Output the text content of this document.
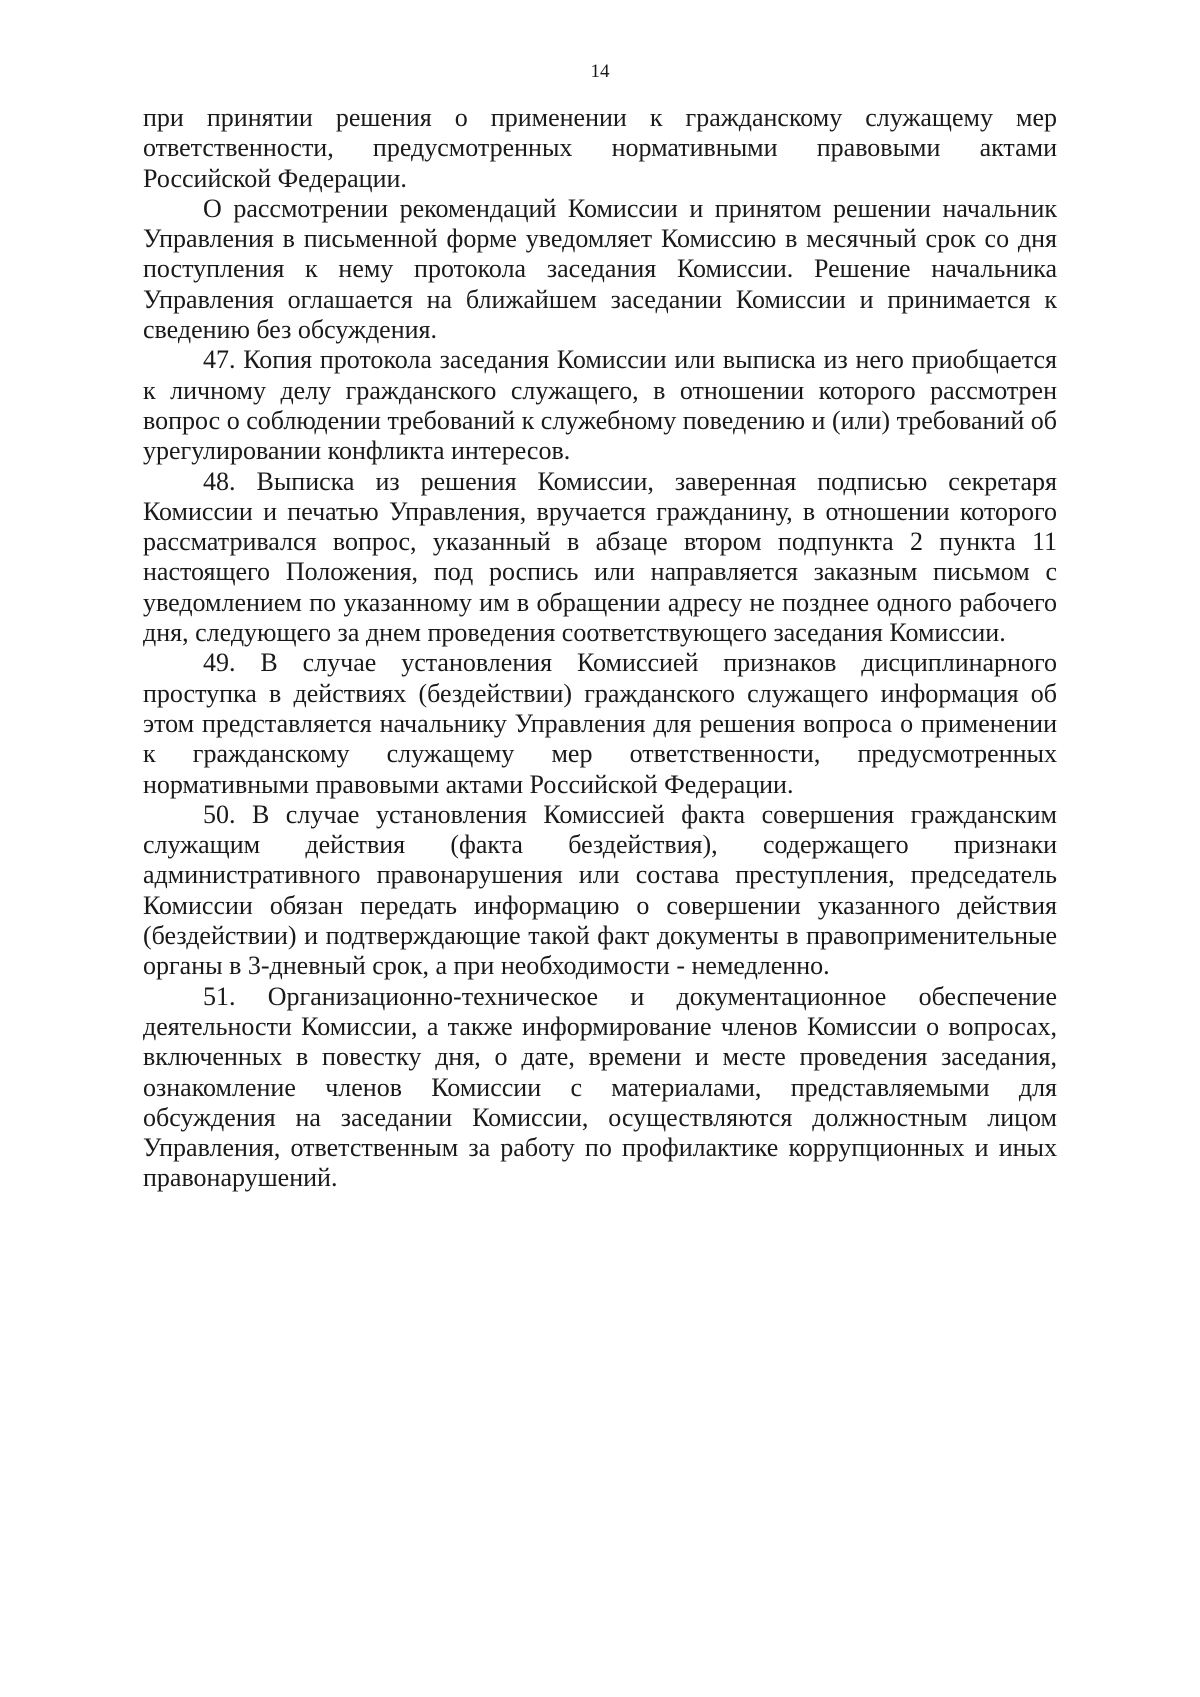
14

при принятии решения о применении к гражданскому служащему мер ответственности, предусмотренных нормативными правовыми актами Российской Федерации.

О рассмотрении рекомендаций Комиссии и принятом решении начальник Управления в письменной форме уведомляет Комиссию в месячный срок со дня поступления к нему протокола заседания Комиссии. Решение начальника Управления оглашается на ближайшем заседании Комиссии и принимается к сведению без обсуждения.

47. Копия протокола заседания Комиссии или выписка из него приобщается к личному делу гражданского служащего, в отношении которого рассмотрен вопрос о соблюдении требований к служебному поведению и (или) требований об урегулировании конфликта интересов.

48. Выписка из решения Комиссии, заверенная подписью секретаря Комиссии и печатью Управления, вручается гражданину, в отношении которого рассматривался вопрос, указанный в абзаце втором подпункта 2 пункта 11 настоящего Положения, под роспись или направляется заказным письмом с уведомлением по указанному им в обращении адресу не позднее одного рабочего дня, следующего за днем проведения соответствующего заседания Комиссии.

49. В случае установления Комиссией признаков дисциплинарного проступка в действиях (бездействии) гражданского служащего информация об этом представляется начальнику Управления для решения вопроса о применении к гражданскому служащему мер ответственности, предусмотренных нормативными правовыми актами Российской Федерации.

50. В случае установления Комиссией факта совершения гражданским служащим действия (факта бездействия), содержащего признаки административного правонарушения или состава преступления, председатель Комиссии обязан передать информацию о совершении указанного действия (бездействии) и подтверждающие такой факт документы в правоприменительные органы в 3-дневный срок, а при необходимости - немедленно.

51. Организационно-техническое и документационное обеспечение деятельности Комиссии, а также информирование членов Комиссии о вопросах, включенных в повестку дня, о дате, времени и месте проведения заседания, ознакомление членов Комиссии с материалами, представляемыми для обсуждения на заседании Комиссии, осуществляются должностным лицом Управления, ответственным за работу по профилактике коррупционных и иных правонарушений.
